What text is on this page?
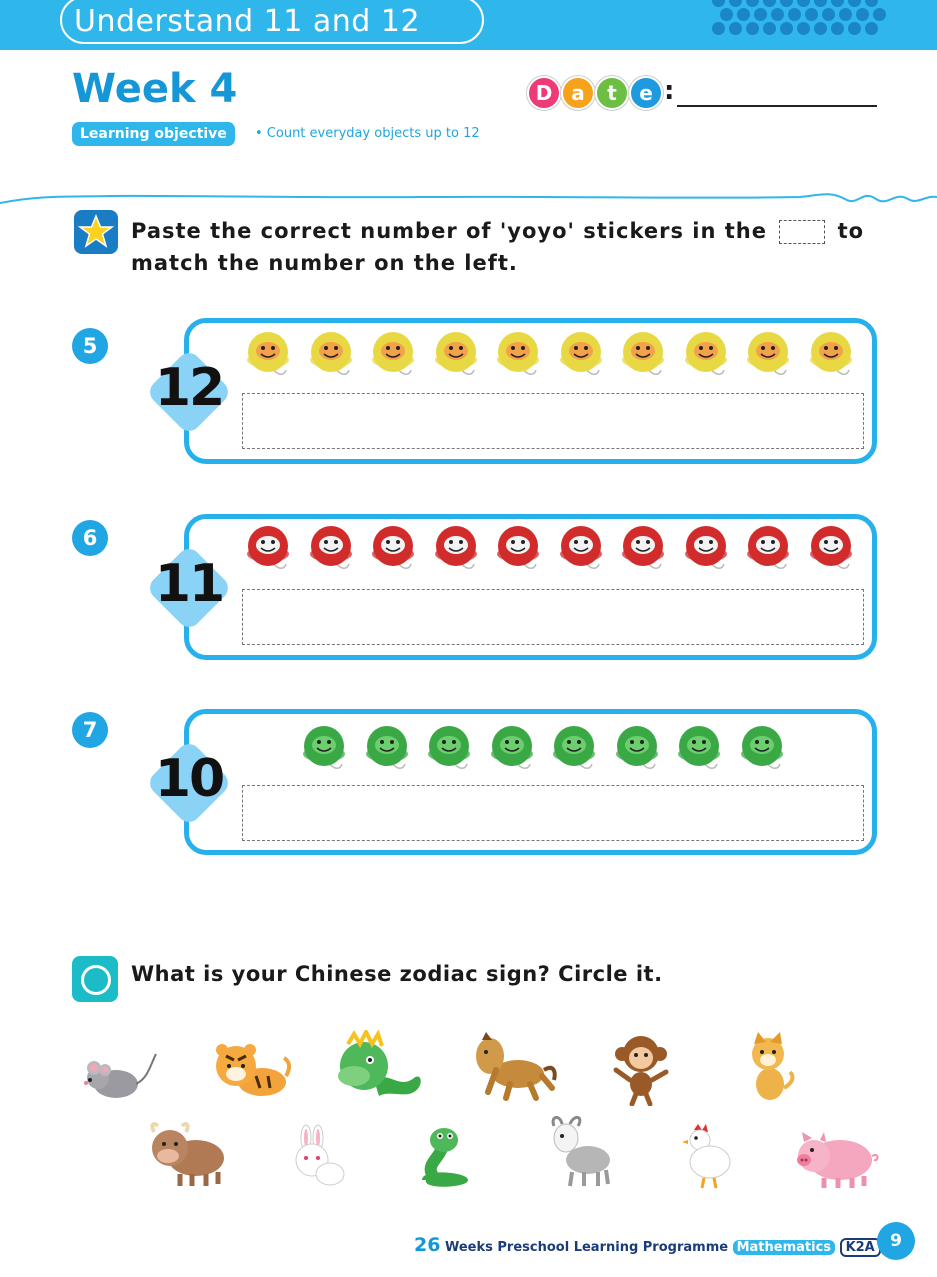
Understand 11 and 12
Week 4	D a	t	e :
Learning objective	• Count everyday objects up to 12
Paste the correct number of 'yoyo' stickers in the	to
match the number on the left.
5
12
6
11
7
10
What is your Chinese zodiac sign? Circle it.
26 Weeks Preschool Learning Programme Mathematics K2A 9
